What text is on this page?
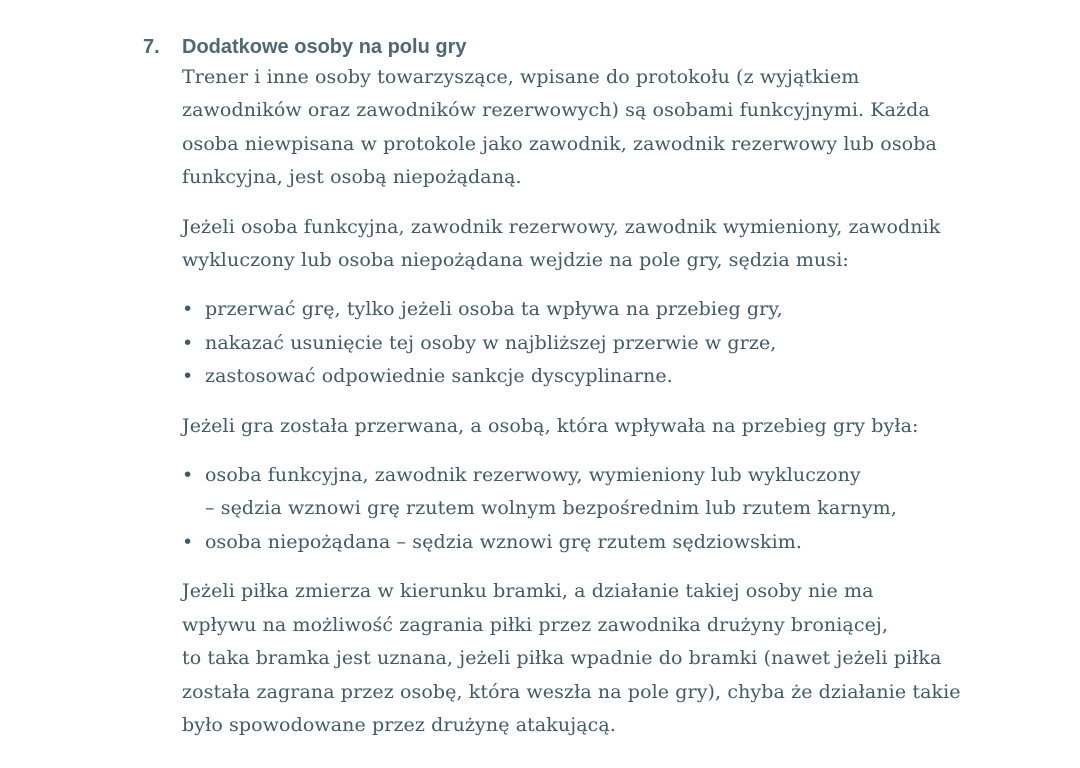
7.	Dodatkowe osoby na polu gry

Trener i inne osoby towarzyszące, wpisane do protokołu (z wyjątkiem
zawodników oraz zawodników rezerwowych) są osobami funkcyjnymi. Każda
osoba niewpisana w protokole jako zawodnik, zawodnik rezerwowy lub osoba
funkcyjna, jest osobą niepożądaną.

Jeżeli osoba funkcyjna, zawodnik rezerwowy, zawodnik wymieniony, zawodnik
wykluczony lub osoba niepożądana wejdzie na pole gry, sędzia musi:

• przerwać grę, tylko jeżeli osoba ta wpływa na przebieg gry,
• nakazać usunięcie tej osoby w najbliższej przerwie w grze,
• zastosować odpowiednie sankcje dyscyplinarne.

Jeżeli gra została przerwana, a osobą, która wpływała na przebieg gry była:

• osoba funkcyjna, zawodnik rezerwowy, wymieniony lub wykluczony
– sędzia wznowi grę rzutem wolnym bezpośrednim lub rzutem karnym,
• osoba niepożądana – sędzia wznowi grę rzutem sędziowskim.

Jeżeli piłka zmierza w kierunku bramki, a działanie takiej osoby nie ma
wpływu na możliwość zagrania piłki przez zawodnika drużyny broniącej,
to taka bramka jest uznana, jeżeli piłka wpadnie do bramki (nawet jeżeli piłka
została zagrana przez osobę, która weszła na pole gry), chyba że działanie takie
było spowodowane przez drużynę atakującą.
